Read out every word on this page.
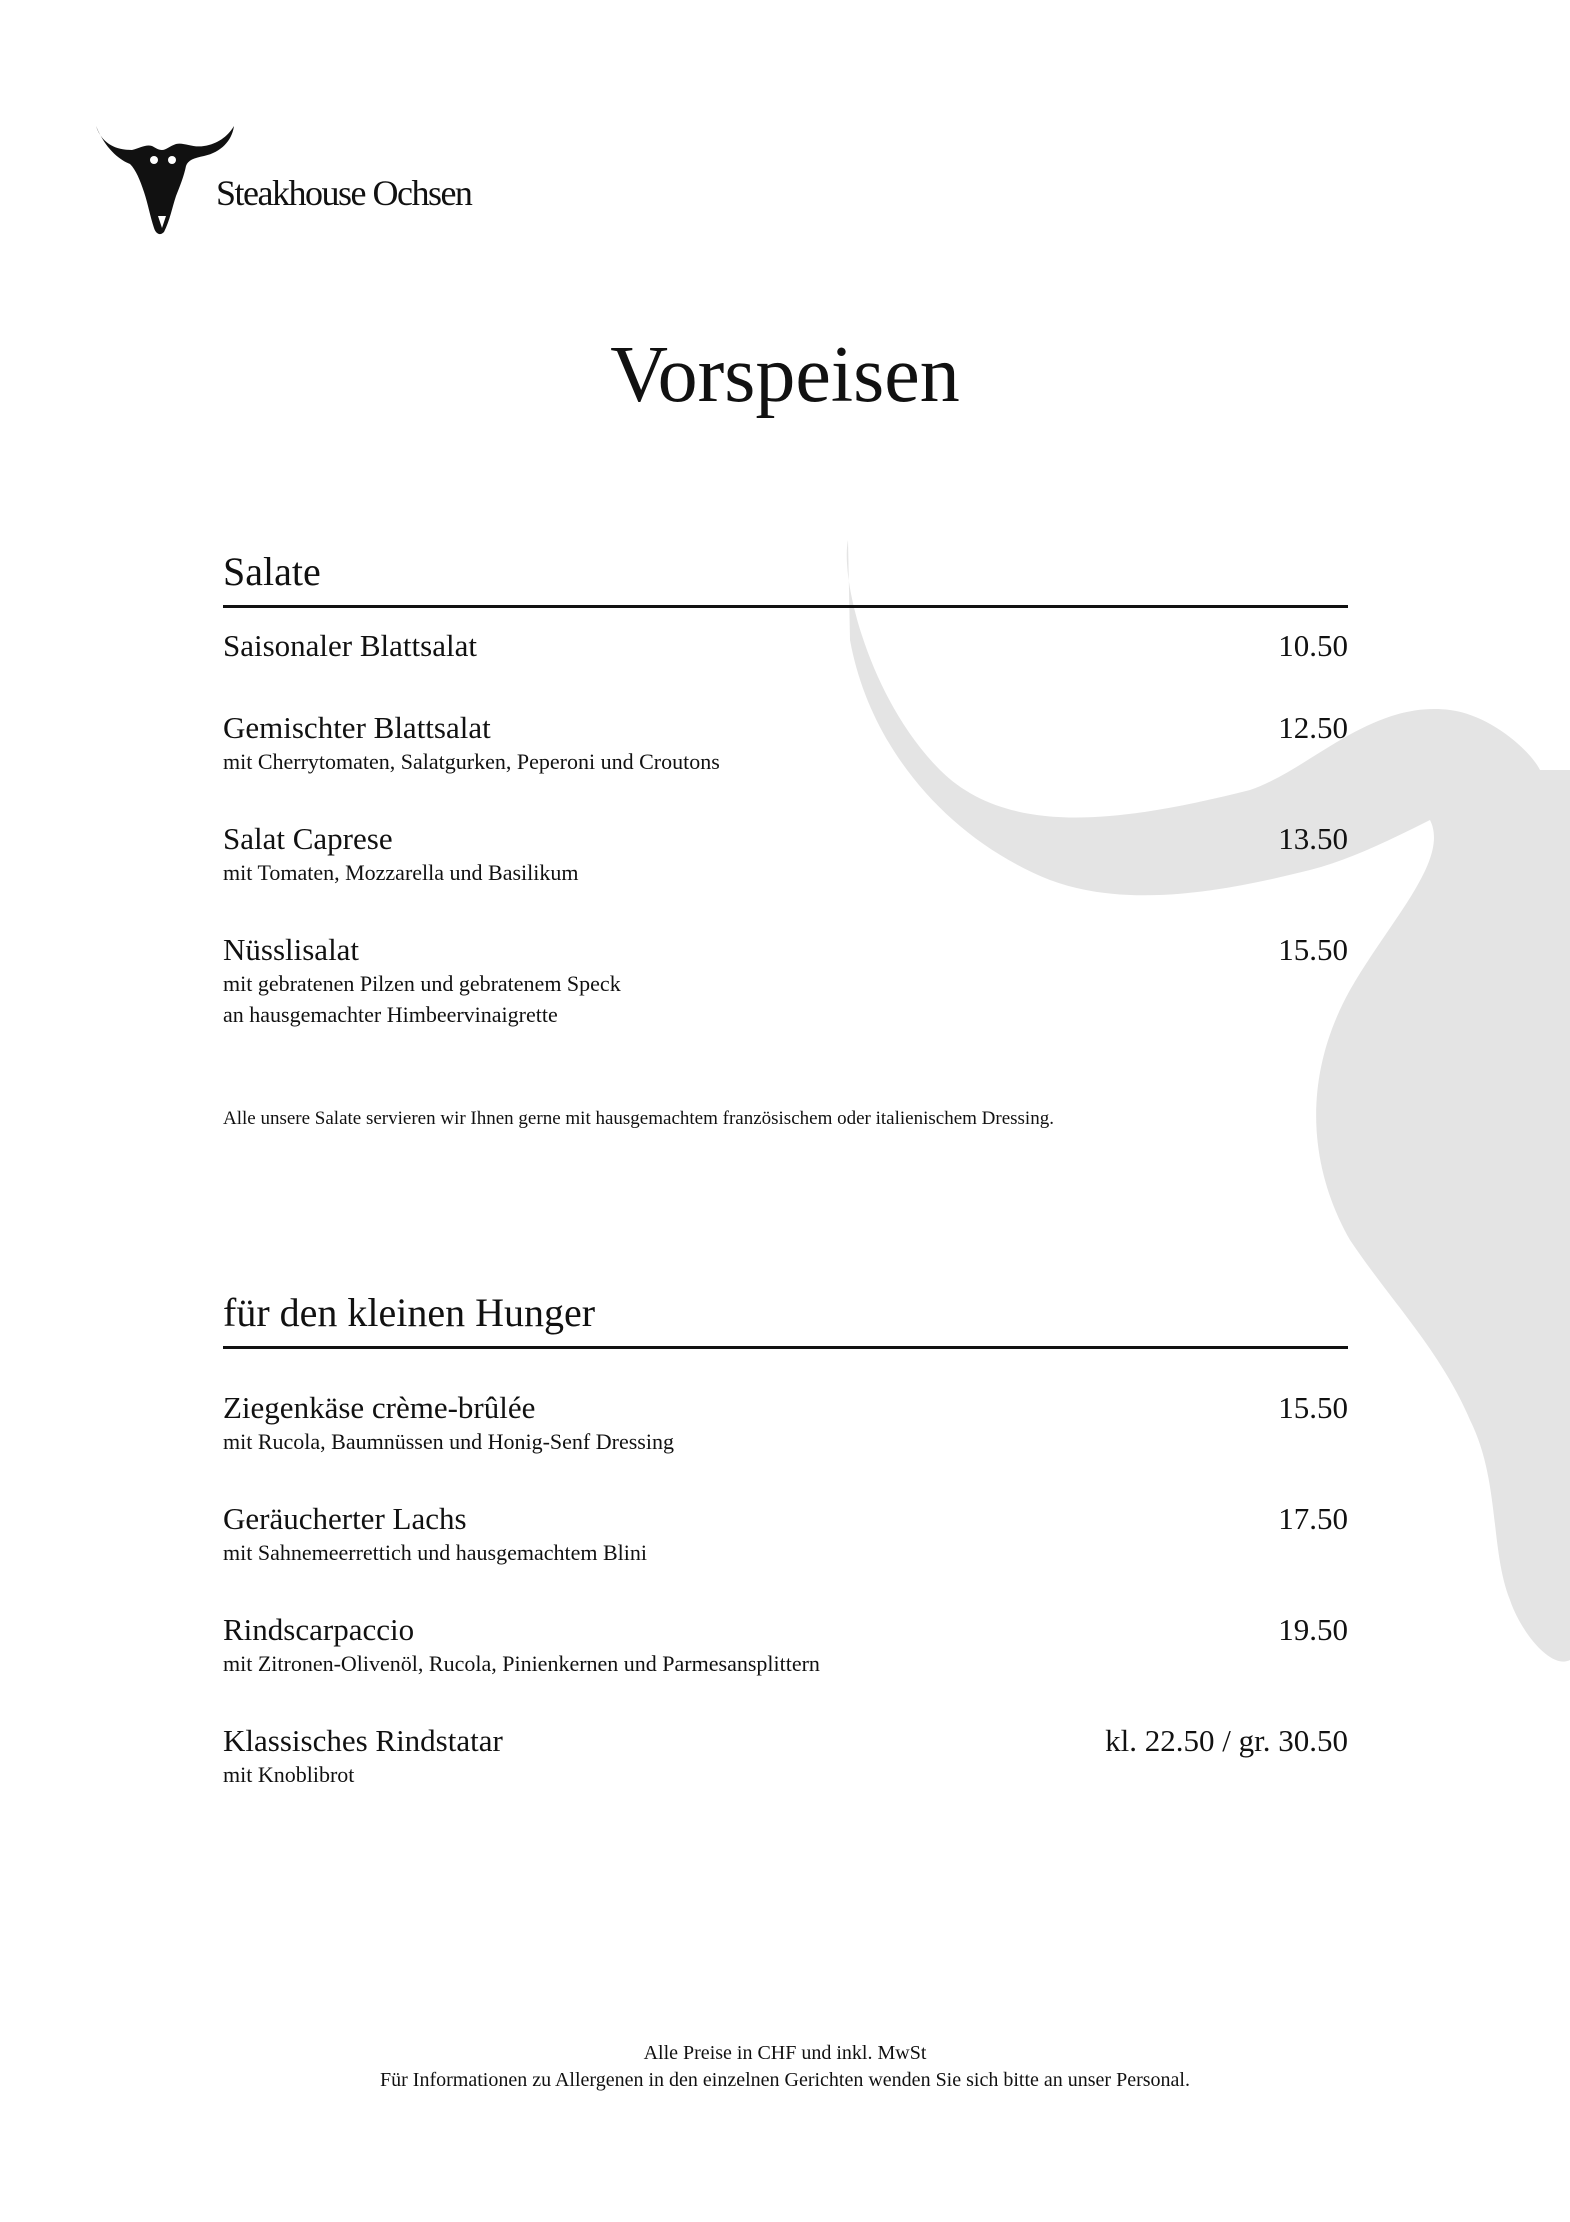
Steakhouse Ochsen
Vorspeisen
Salate
Saisonaler Blattsalat	10.50
Gemischter Blattsalat	12.50
mit Cherrytomaten, Salatgurken, Peperoni und Croutons
Salat Caprese	13.50
mit Tomaten, Mozzarella und Basilikum
Nüsslisalat	15.50
mit gebratenen Pilzen und gebratenem Speck
an hausgemachter Himbeervinaigrette
Alle unsere Salate servieren wir Ihnen gerne mit hausgemachtem französischem oder italienischem Dressing.
für den kleinen Hunger
Ziegenkäse crème-brûlée	15.50
mit Rucola, Baumnüssen und Honig-Senf Dressing
Geräucherter Lachs	17.50
mit Sahnemeerrettich und hausgemachtem Blini
Rindscarpaccio	19.50
mit Zitronen-Olivenöl, Rucola, Pinienkernen und Parmesansplittern
Klassisches Rindstatar	kl. 22.50 / gr. 30.50
mit Knoblibrot
Alle Preise in CHF und inkl. MwSt
Für Informationen zu Allergenen in den einzelnen Gerichten wenden Sie sich bitte an unser Personal.
